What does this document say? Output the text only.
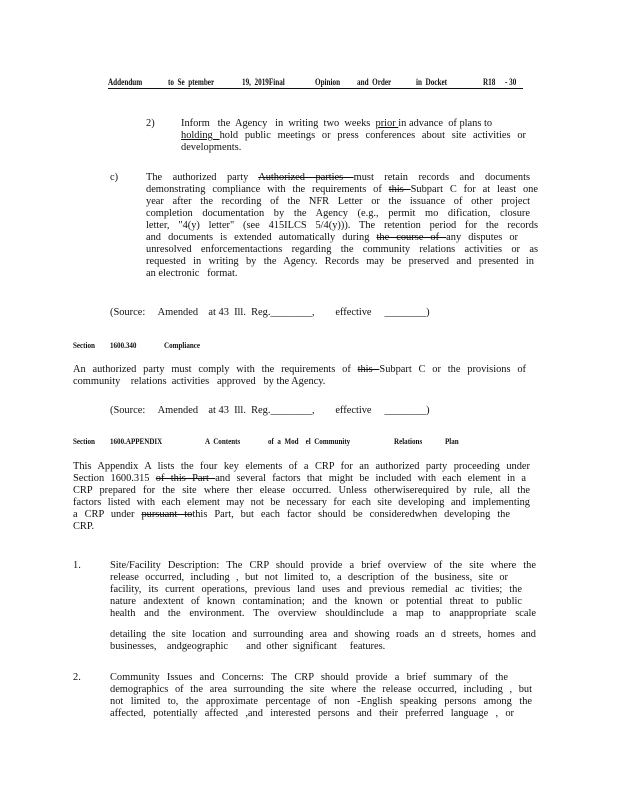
Addendum	to  Se  ptember	19,  2019Final	Opinion and  Order	in  Docket	R18 - 30
2)	Inform   the  Agency   in  writing  two  weeks  prior in advance  of plans to
holding hold public meetings or press conferences about site activities or
developments.
c)	The authorized party Authorized parties must retain records and documents
demonstrating compliance with the requirements of this Subpart C for at least one
year after the recording of the NFR Letter or the issuance of other project
completion documentation by the Agency (e.g., permit mo dification, closure
letter, "4(y) letter" (see 415ILCS 5/4(y))). The retention period for the records
and documents is extended automatically during the course of any disputes or
unresolved enforcementactions regarding the community relations activities or as
requested in writing by the Agency. Records may be preserved and presented in
an electronic   format.
(Source:     Amended    at 43  Ill.  Reg.________,        effective     ________)
Section 1600.340	Compliance
An authorized party must comply with the requirements of this Subpart C or the provisions of
community    relations  activities   approved   by the Agency.
(Source:     Amended    at 43  Ill.  Reg.________,        effective     ________)
Section 1600.APPENDIX	A  Contents	of  a  Mod    el  Community	Relations	Plan
This Appendix A lists the four key elements of a CRP for an authorized party proceeding under
Section 1600.315 of this Part and several factors that might be included with each element in a
CRP prepared for the site where ther elease occurred. Unless otherwiserequired by rule, all the
factors listed with each element may not be necessary for each site developing and implementing
a CRP under pursuant tothis Part, but each factor should be consideredwhen developing the
CRP.
1.	Site/Facility Description: The CRP should provide a brief overview of the site where the
release occurred, including , but not limited to, a description of the business, site or
facility, its current operations, previous land uses and previous remedial ac tivities; the
nature andextent of known contamination; and the known or potential threat to public
health and the environment. The overview shouldinclude a map to anappropriate scale
detailing the site location and surrounding area and showing roads an d streets, homes and
businesses,    andgeographic       and  other  significant     features.
2.	Community Issues and Concerns: The CRP should provide a brief summary of the
demographics of the area surrounding the site where the release occurred, including , but
not limited to, the approximate percentage of non -English speaking persons among the
affected, potentially affected ,and interested persons and their preferred language , or
